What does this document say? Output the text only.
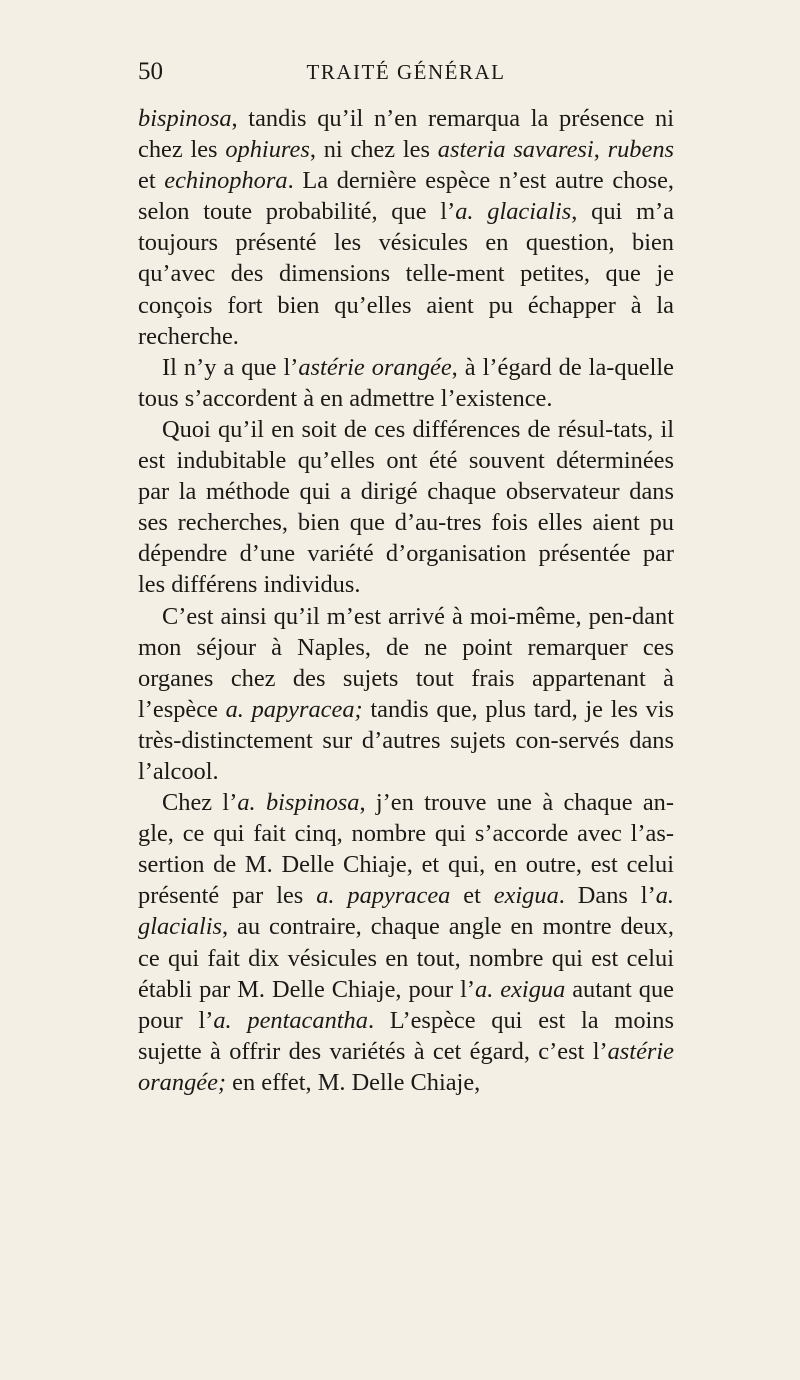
50	TRAITÉ GÉNÉRAL

bispinosa, tandis qu’il n’en remarqua la présence ni chez les ophiures, ni chez les asteria savaresi, rubens et echinophora. La dernière espèce n’est autre chose, selon toute probabilité, que l’a. glacialis, qui m’a toujours présenté les vésicules en question, bien qu’avec des dimensions telle-ment petites, que je conçois fort bien qu’elles aient pu échapper à la recherche.

Il n’y a que l’astérie orangée, à l’égard de la-quelle tous s’accordent à en admettre l’existence.

Quoi qu’il en soit de ces différences de résul-tats, il est indubitable qu’elles ont été souvent déterminées par la méthode qui a dirigé chaque observateur dans ses recherches, bien que d’au-tres fois elles aient pu dépendre d’une variété d’organisation présentée par les différens individus.

C’est ainsi qu’il m’est arrivé à moi-même, pen-dant mon séjour à Naples, de ne point remarquer ces organes chez des sujets tout frais appartenant à l’espèce a. papyracea; tandis que, plus tard, je les vis très-distinctement sur d’autres sujets con-servés dans l’alcool.

Chez l’a. bispinosa, j’en trouve une à chaque an-gle, ce qui fait cinq, nombre qui s’accorde avec l’as-sertion de M. Delle Chiaje, et qui, en outre, est celui présenté par les a. papyracea et exigua. Dans l’a. glacialis, au contraire, chaque angle en montre deux, ce qui fait dix vésicules en tout, nombre qui est celui établi par M. Delle Chiaje, pour l’a. exigua autant que pour l’a. pentacantha. L’espèce qui est la moins sujette à offrir des variétés à cet égard, c’est l’astérie orangée; en effet, M. Delle Chiaje,
